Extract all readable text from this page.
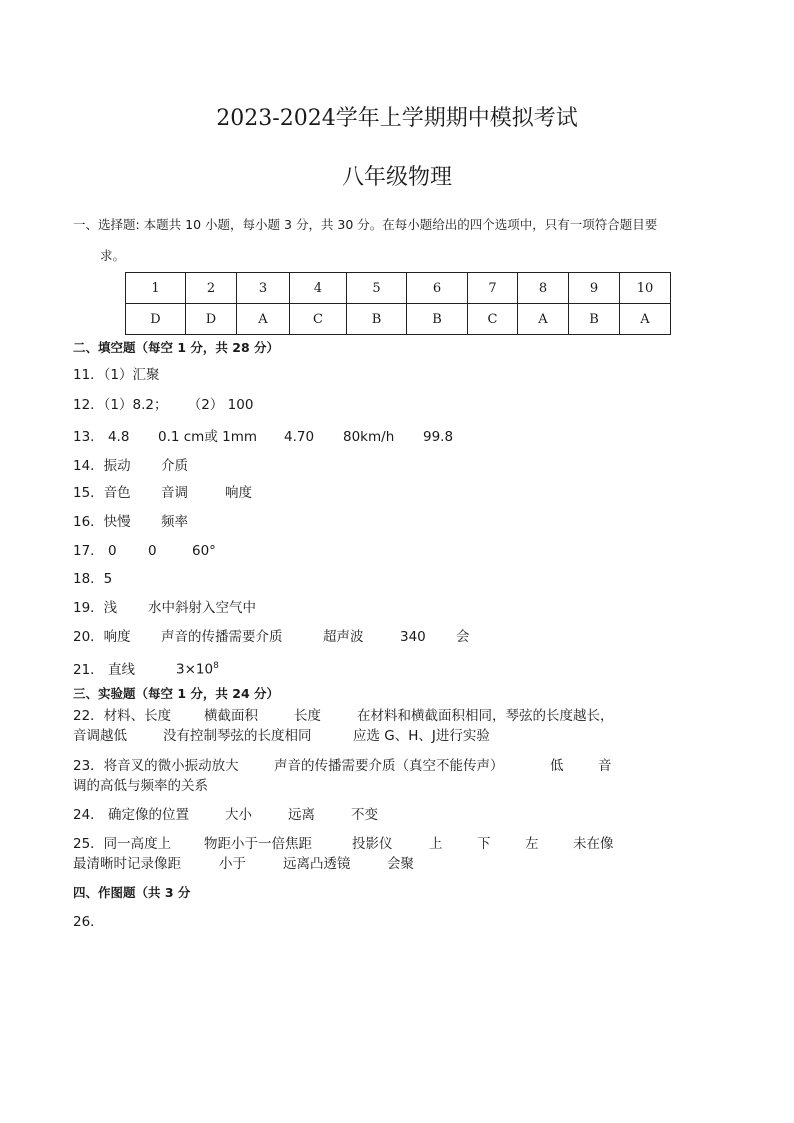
2023-2024学年上学期期中模拟考试
八年级物理
一、选择题: 本题共 10 小题，每小题 3 分，共 30 分。在每小题给出的四个选项中，只有一项符合题目要
求。
1	2	3	4	5	6	7	8	9	10
D	D	A	C	B	B	C	A	B	A
二、填空题（每空 1 分，共 28 分）
11．（1）汇聚
12．（1）8.2； （2） 100
13． 4.8 0.1 cm或 1mm 4.70 80km/h 99.8
14．振动 介质
15．音色 音调	响度
16．快慢 频率
17． 0 0	60°
18．5
19．浅 水中斜射入空气中
20．响度 声音的传播需要介质	超声波	340 会
21． 直线	$3\times 10^8$
三、实验题（每空 1 分，共 24 分）
22．材料、长度 横截面积	长度	在材料和横截面积相同，琴弦的长度越长，
音调越低	没有控制琴弦的长度相同	应选 G、H、J进行实验
23．将音叉的微小振动放大	声音的传播需要介质（真空不能传声）	低	音
调的高低与频率的关系
24． 确定像的位置	大小	远离	不变
25．同一高度上 物距小于一倍焦距	投影仪	上	下	左	未在像
最清晰时记录像距	小于	远离凸透镜	会聚
四、作图题（共 3 分
26．
